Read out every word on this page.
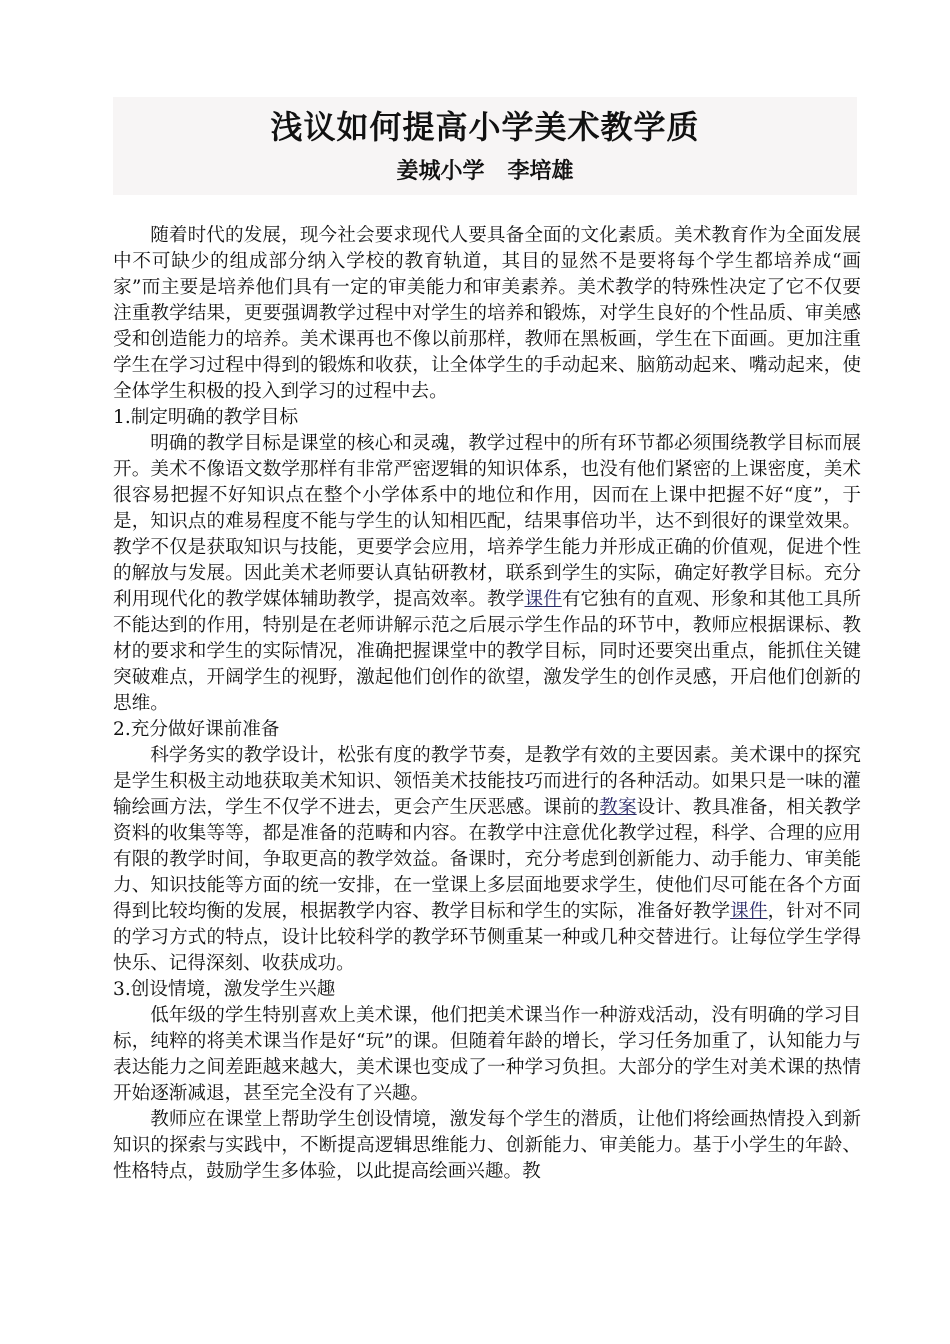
浅议如何提高小学美术教学质
姜城小学   李培雄

随着时代的发展，现今社会要求现代人要具备全面的文化素质。美术教育作为全面发展中不可缺少的组成部分纳入学校的教育轨道，其目的显然不是要将每个学生都培养成“画家”而主要是培养他们具有一定的审美能力和审美素养。美术教学的特殊性决定了它不仅要注重教学结果，更要强调教学过程中对学生的培养和锻炼，对学生良好的个性品质、审美感受和创造能力的培养。美术课再也不像以前那样，教师在黑板画，学生在下面画。更加注重学生在学习过程中得到的锻炼和收获，让全体学生的手动起来、脑筋动起来、嘴动起来，使全体学生积极的投入到学习的过程中去。

1.制定明确的教学目标

明确的教学目标是课堂的核心和灵魂，教学过程中的所有环节都必须围绕教学目标而展开。美术不像语文数学那样有非常严密逻辑的知识体系，也没有他们紧密的上课密度，美术很容易把握不好知识点在整个小学体系中的地位和作用，因而在上课中把握不好“度”，于是，知识点的难易程度不能与学生的认知相匹配，结果事倍功半，达不到很好的课堂效果。教学不仅是获取知识与技能，更要学会应用，培养学生能力并形成正确的价值观，促进个性的解放与发展。因此美术老师要认真钻研教材，联系到学生的实际，确定好教学目标。充分利用现代化的教学媒体辅助教学，提高效率。教学课件有它独有的直观、形象和其他工具所不能达到的作用，特别是在老师讲解示范之后展示学生作品的环节中，教师应根据课标、教材的要求和学生的实际情况，准确把握课堂中的教学目标，同时还要突出重点，能抓住关键突破难点，开阔学生的视野，激起他们创作的欲望，激发学生的创作灵感，开启他们创新的思维。

2.充分做好课前准备

科学务实的教学设计，松张有度的教学节奏，是教学有效的主要因素。美术课中的探究是学生积极主动地获取美术知识、领悟美术技能技巧而进行的各种活动。如果只是一味的灌输绘画方法，学生不仅学不进去，更会产生厌恶感。课前的教案设计、教具准备，相关教学资料的收集等等，都是准备的范畴和内容。在教学中注意优化教学过程，科学、合理的应用有限的教学时间，争取更高的教学效益。备课时，充分考虑到创新能力、动手能力、审美能力、知识技能等方面的统一安排，在一堂课上多层面地要求学生，使他们尽可能在各个方面得到比较均衡的发展，根据教学内容、教学目标和学生的实际，准备好教学课件，针对不同的学习方式的特点，设计比较科学的教学环节侧重某一种或几种交替进行。让每位学生学得快乐、记得深刻、收获成功。

3.创设情境，激发学生兴趣

低年级的学生特别喜欢上美术课，他们把美术课当作一种游戏活动，没有明确的学习目标，纯粹的将美术课当作是好“玩”的课。但随着年龄的增长，学习任务加重了，认知能力与表达能力之间差距越来越大，美术课也变成了一种学习负担。大部分的学生对美术课的热情开始逐渐减退，甚至完全没有了兴趣。

教师应在课堂上帮助学生创设情境，激发每个学生的潜质，让他们将绘画热情投入到新知识的探索与实践中，不断提高逻辑思维能力、创新能力、审美能力。基于小学生的年龄、性格特点，鼓励学生多体验，以此提高绘画兴趣。教
